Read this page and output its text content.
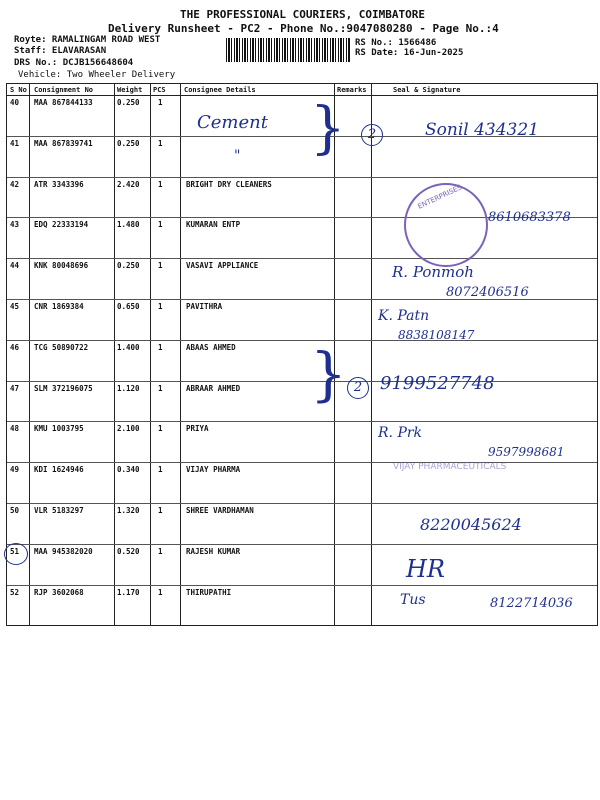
THE PROFESSIONAL COURIERS, COIMBATORE
Delivery Runsheet - PC2 - Phone No.:9047080280 - Page No.:4
Royte: RAMALINGAM ROAD WEST
Staff: ELAVARASAN
DRS No.: DCJB156648604
Vehicle: Two Wheeler Delivery
RS No.: 1566486
RS Date: 16-Jun-2025
S No Consignment No	Weight PCS	Consignee Details	Remarks	Seal & Signature
40 MAA 867844133	0.250 1
41 MAA 867839741	0.250 1
42 ATR 3343396	2.420 1	BRIGHT DRY CLEANERS
43 EDQ 22333194	1.480 1	KUMARAN ENTP
44 KNK 80048696	0.250 1	VASAVI APPLIANCE
45 CNR 1869384	0.650 1	PAVITHRA
46 TCG 50890722	1.400 1	ABAAS AHMED
47 SLM 372196075	1.120 1	ABRAAR AHMED
48 KMU 1003795	2.100 1	PRIYA
49 KDI 1624946	0.340 1	VIJAY PHARMA
50 VLR 5183297	1.320 1	SHREE VARDHAMAN
51 MAA 945382020	0.520 1	RAJESH KUMAR
52 RJP 3602068	1.170 1	THIRUPATHI
Cement
" }
}
2
2
Sonil 434321
ENTERPRISES
8610683378
R. Ponmoh
8072406516
K. Patn
8838108147
9199527748
R. Prk
9597998681
VIJAY PHARMACEUTICALS
8220045624
HR
Tus	8122714036
